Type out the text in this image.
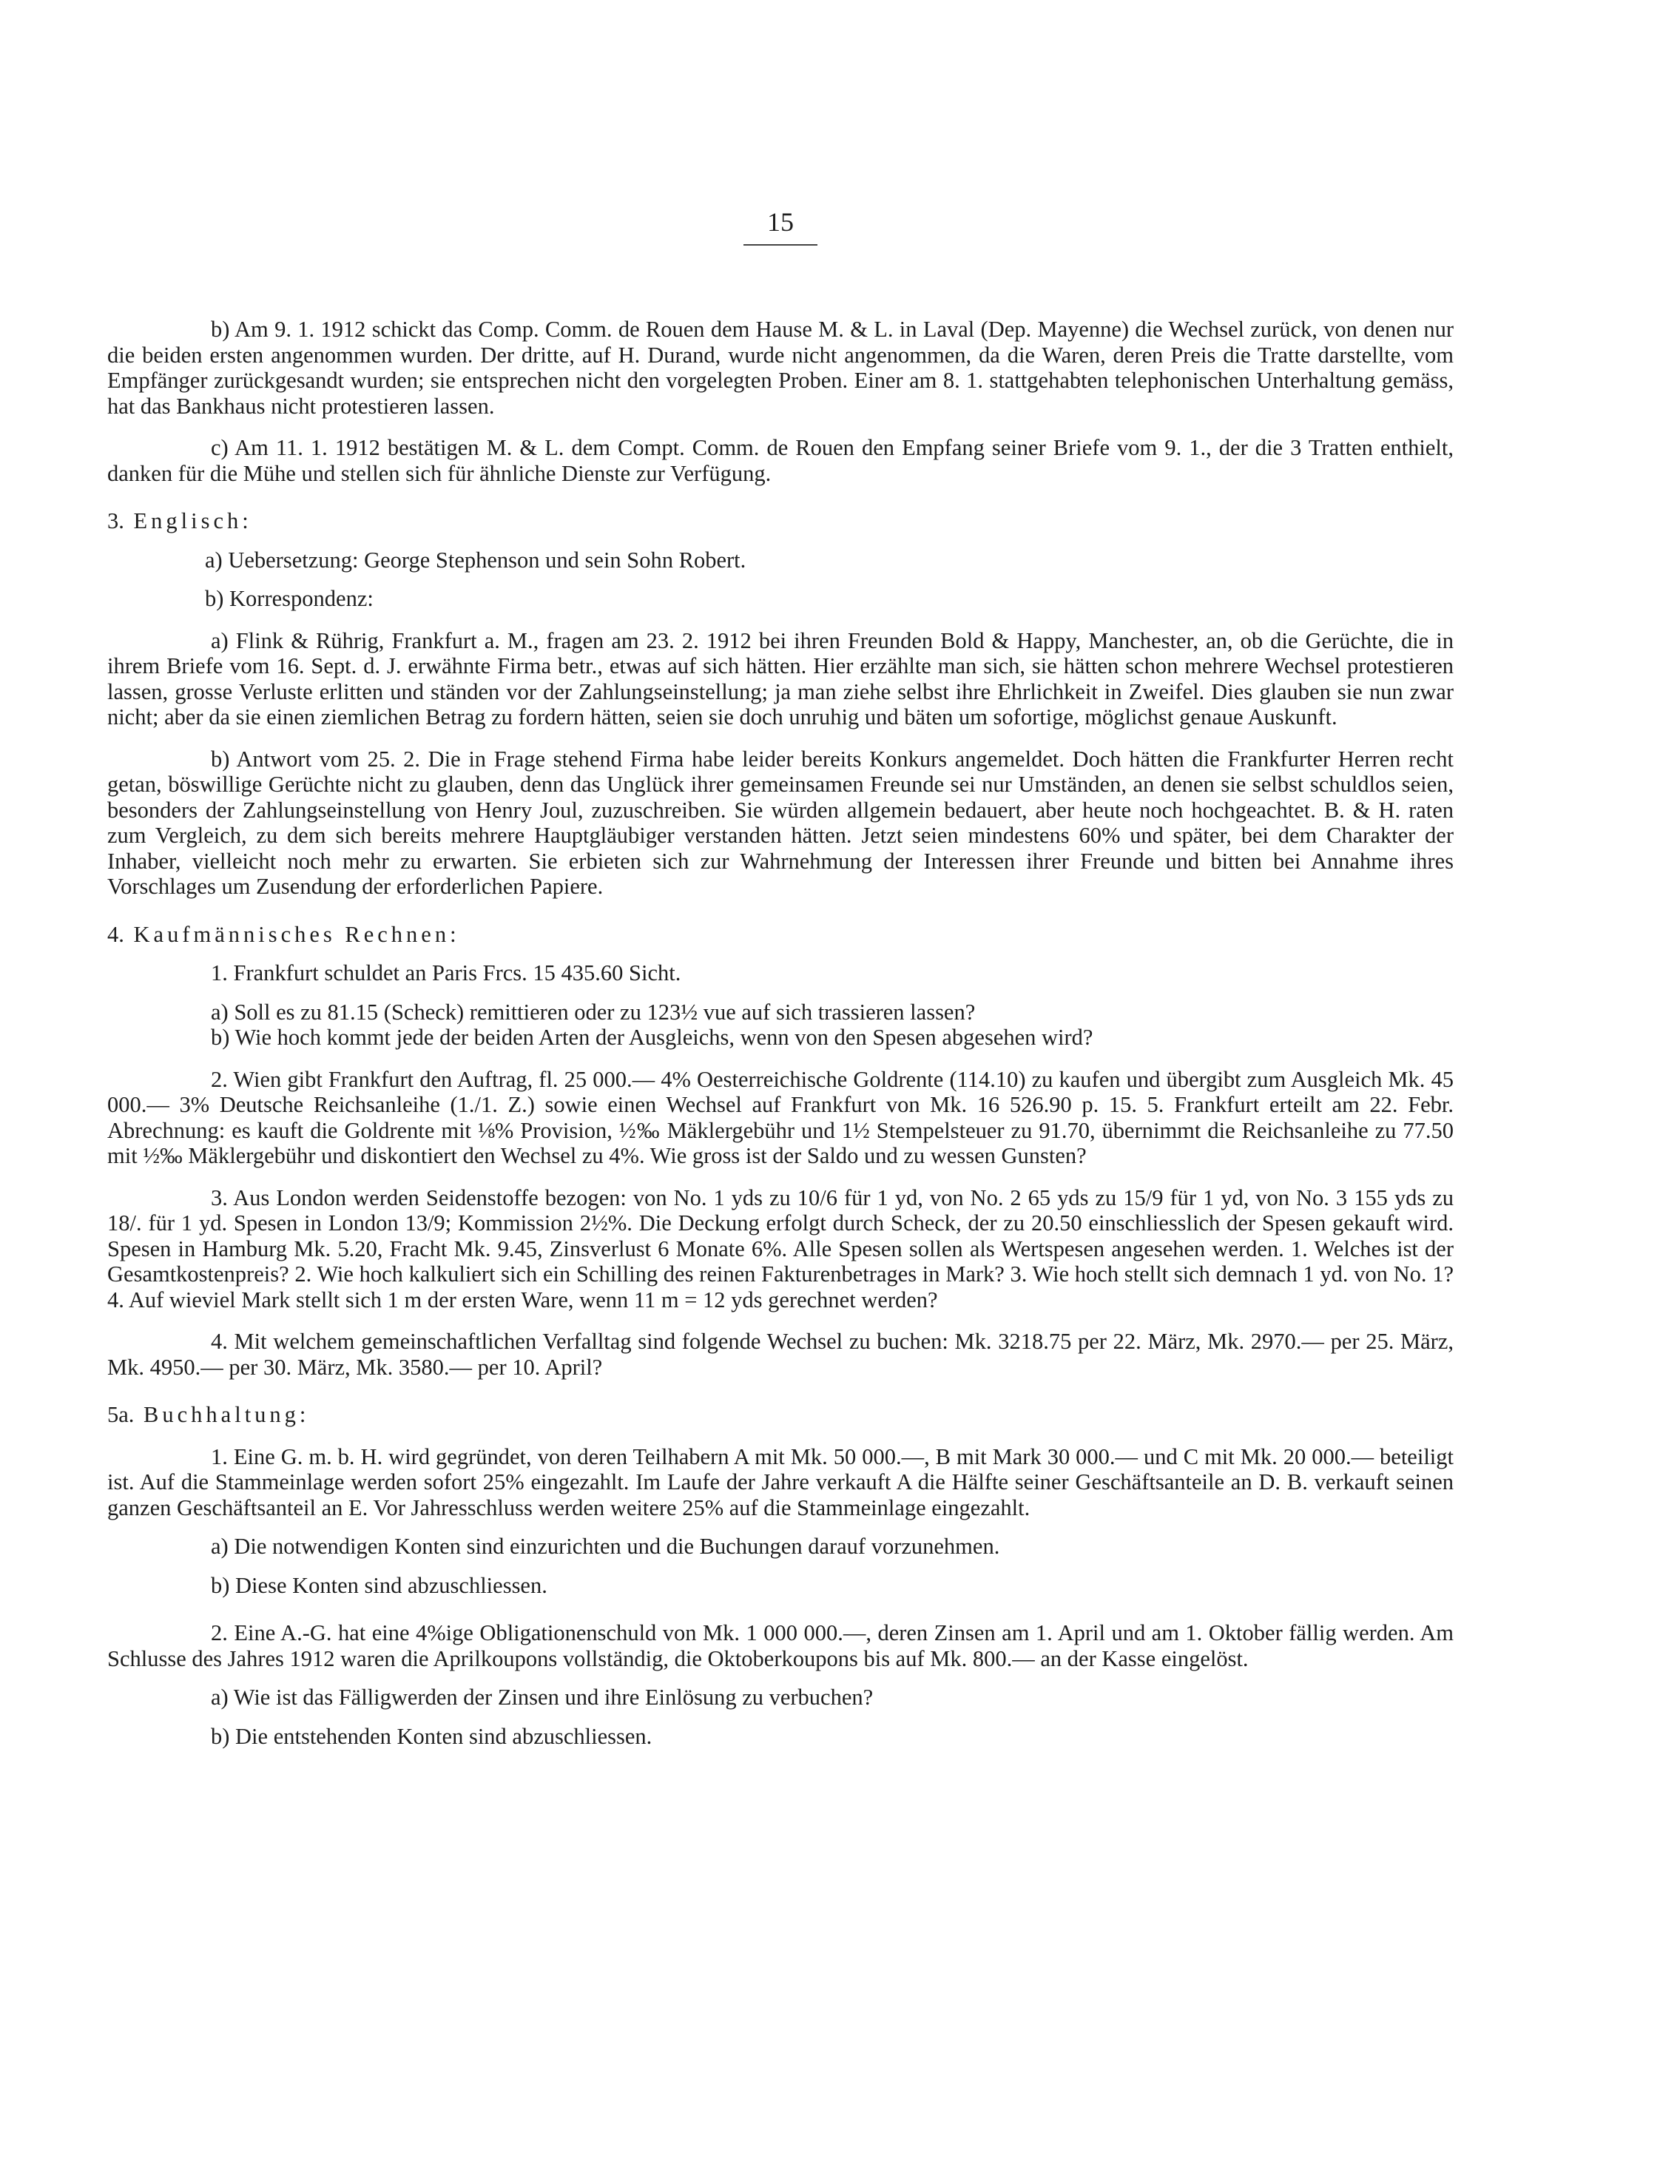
15

b) Am 9. 1. 1912 schickt das Comp. Comm. de Rouen dem Hause M. & L. in Laval (Dep. Mayenne) die Wechsel zurück, von denen nur die beiden ersten angenommen wurden. Der dritte, auf H. Durand, wurde nicht angenommen, da die Waren, deren Preis die Tratte darstellte, vom Empfänger zurückgesandt wurden; sie entsprechen nicht den vorgelegten Proben. Einer am 8. 1. stattgehabten telephonischen Unterhaltung gemäss, hat das Bankhaus nicht protestieren lassen.

c) Am 11. 1. 1912 bestätigen M. & L. dem Compt. Comm. de Rouen den Empfang seiner Briefe vom 9. 1., der die 3 Tratten enthielt, danken für die Mühe und stellen sich für ähnliche Dienste zur Verfügung.

3. Englisch:

a) Uebersetzung: George Stephenson und sein Sohn Robert.

b) Korrespondenz:

a) Flink & Rührig, Frankfurt a. M., fragen am 23. 2. 1912 bei ihren Freunden Bold & Happy, Manchester, an, ob die Gerüchte, die in ihrem Briefe vom 16. Sept. d. J. erwähnte Firma betr., etwas auf sich hätten. Hier erzählte man sich, sie hätten schon mehrere Wechsel protestieren lassen, grosse Verluste erlitten und ständen vor der Zahlungseinstellung; ja man ziehe selbst ihre Ehrlichkeit in Zweifel. Dies glauben sie nun zwar nicht; aber da sie einen ziemlichen Betrag zu fordern hätten, seien sie doch unruhig und bäten um sofortige, möglichst genaue Auskunft.

b) Antwort vom 25. 2. Die in Frage stehend Firma habe leider bereits Konkurs angemeldet. Doch hätten die Frankfurter Herren recht getan, böswillige Gerüchte nicht zu glauben, denn das Unglück ihrer gemeinsamen Freunde sei nur Umständen, an denen sie selbst schuldlos seien, besonders der Zahlungseinstellung von Henry Joul, zuzuschreiben. Sie würden allgemein bedauert, aber heute noch hochgeachtet. B. & H. raten zum Vergleich, zu dem sich bereits mehrere Hauptgläubiger verstanden hätten. Jetzt seien mindestens 60% und später, bei dem Charakter der Inhaber, vielleicht noch mehr zu erwarten. Sie erbieten sich zur Wahrnehmung der Interessen ihrer Freunde und bitten bei Annahme ihres Vorschlages um Zusendung der erforderlichen Papiere.

4. Kaufmännisches Rechnen:

1. Frankfurt schuldet an Paris Frcs. 15 435.60 Sicht.

a) Soll es zu 81.15 (Scheck) remittieren oder zu 123½ vue auf sich trassieren lassen?

b) Wie hoch kommt jede der beiden Arten der Ausgleichs, wenn von den Spesen abgesehen wird?

2. Wien gibt Frankfurt den Auftrag, fl. 25 000.— 4% Oesterreichische Goldrente (114.10) zu kaufen und übergibt zum Ausgleich Mk. 45 000.— 3% Deutsche Reichsanleihe (1./1. Z.) sowie einen Wechsel auf Frankfurt von Mk. 16 526.90 p. 15. 5. Frankfurt erteilt am 22. Febr. Abrechnung: es kauft die Goldrente mit ⅛% Provision, ½‰ Mäklergebühr und 1½ Stempelsteuer zu 91.70, übernimmt die Reichsanleihe zu 77.50 mit ½‰ Mäklergebühr und diskontiert den Wechsel zu 4%. Wie gross ist der Saldo und zu wessen Gunsten?

3. Aus London werden Seidenstoffe bezogen: von No. 1 yds zu 10/6 für 1 yd, von No. 2 65 yds zu 15/9 für 1 yd, von No. 3 155 yds zu 18/. für 1 yd. Spesen in London 13/9; Kommission 2½%. Die Deckung erfolgt durch Scheck, der zu 20.50 einschliesslich der Spesen gekauft wird. Spesen in Hamburg Mk. 5.20, Fracht Mk. 9.45, Zinsverlust 6 Monate 6%. Alle Spesen sollen als Wertspesen angesehen werden. 1. Welches ist der Gesamtkostenpreis? 2. Wie hoch kalkuliert sich ein Schilling des reinen Fakturenbetrages in Mark? 3. Wie hoch stellt sich demnach 1 yd. von No. 1? 4. Auf wieviel Mark stellt sich 1 m der ersten Ware, wenn 11 m = 12 yds gerechnet werden?

4. Mit welchem gemeinschaftlichen Verfalltag sind folgende Wechsel zu buchen: Mk. 3218.75 per 22. März, Mk. 2970.— per 25. März, Mk. 4950.— per 30. März, Mk. 3580.— per 10. April?

5a. Buchhaltung:

1. Eine G. m. b. H. wird gegründet, von deren Teilhabern A mit Mk. 50 000.—, B mit Mark 30 000.— und C mit Mk. 20 000.— beteiligt ist. Auf die Stammeinlage werden sofort 25% eingezahlt. Im Laufe der Jahre verkauft A die Hälfte seiner Geschäftsanteile an D. B. verkauft seinen ganzen Geschäftsanteil an E. Vor Jahresschluss werden weitere 25% auf die Stammeinlage eingezahlt.

a) Die notwendigen Konten sind einzurichten und die Buchungen darauf vorzunehmen.

b) Diese Konten sind abzuschliessen.

2. Eine A.-G. hat eine 4%ige Obligationenschuld von Mk. 1 000 000.—, deren Zinsen am 1. April und am 1. Oktober fällig werden. Am Schlusse des Jahres 1912 waren die Aprilkoupons vollständig, die Oktoberkoupons bis auf Mk. 800.— an der Kasse eingelöst.

a) Wie ist das Fälligwerden der Zinsen und ihre Einlösung zu verbuchen?

b) Die entstehenden Konten sind abzuschliessen.
